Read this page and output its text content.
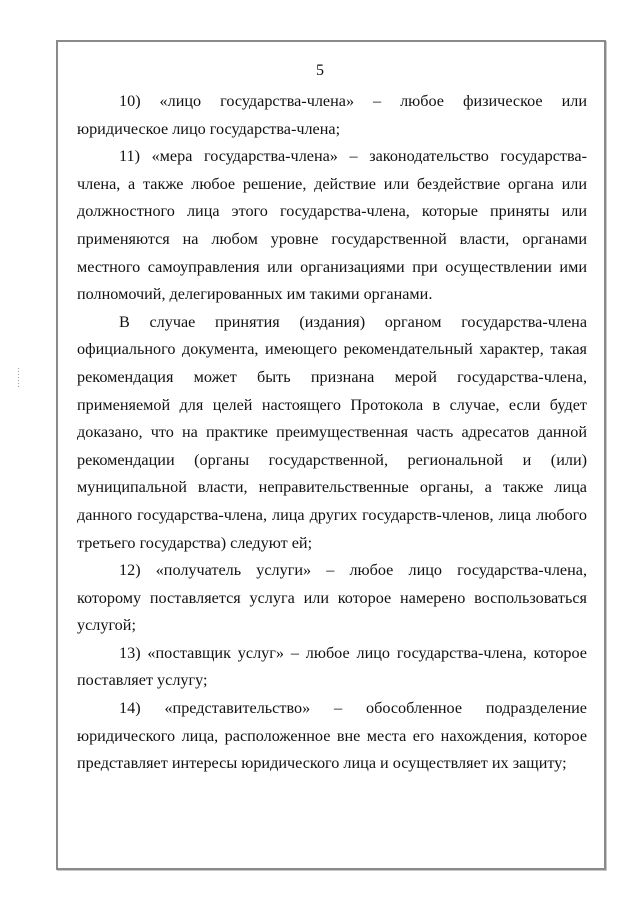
5

10) «лицо государства-члена» – любое физическое или юридическое лицо государства-члена;

11) «мера государства-члена» – законодательство государства-члена, а также любое решение, действие или бездействие органа или должностного лица этого государства-члена, которые приняты или применяются на любом уровне государственной власти, органами местного самоуправления или организациями при осуществлении ими полномочий, делегированных им такими органами.

В случае принятия (издания) органом государства-члена официального документа, имеющего рекомендательный характер, такая рекомендация может быть признана мерой государства-члена, применяемой для целей настоящего Протокола в случае, если будет доказано, что на практике преимущественная часть адресатов данной рекомендации (органы государственной, региональной и (или) муниципальной власти, неправительственные органы, а также лица данного государства-члена, лица других государств-членов, лица любого третьего государства) следуют ей;

12) «получатель услуги» – любое лицо государства-члена, которому поставляется услуга или которое намерено воспользоваться услугой;

13) «поставщик услуг» – любое лицо государства-члена, которое поставляет услугу;

14) «представительство» – обособленное подразделение юридического лица, расположенное вне места его нахождения, которое представляет интересы юридического лица и осуществляет их защиту;
